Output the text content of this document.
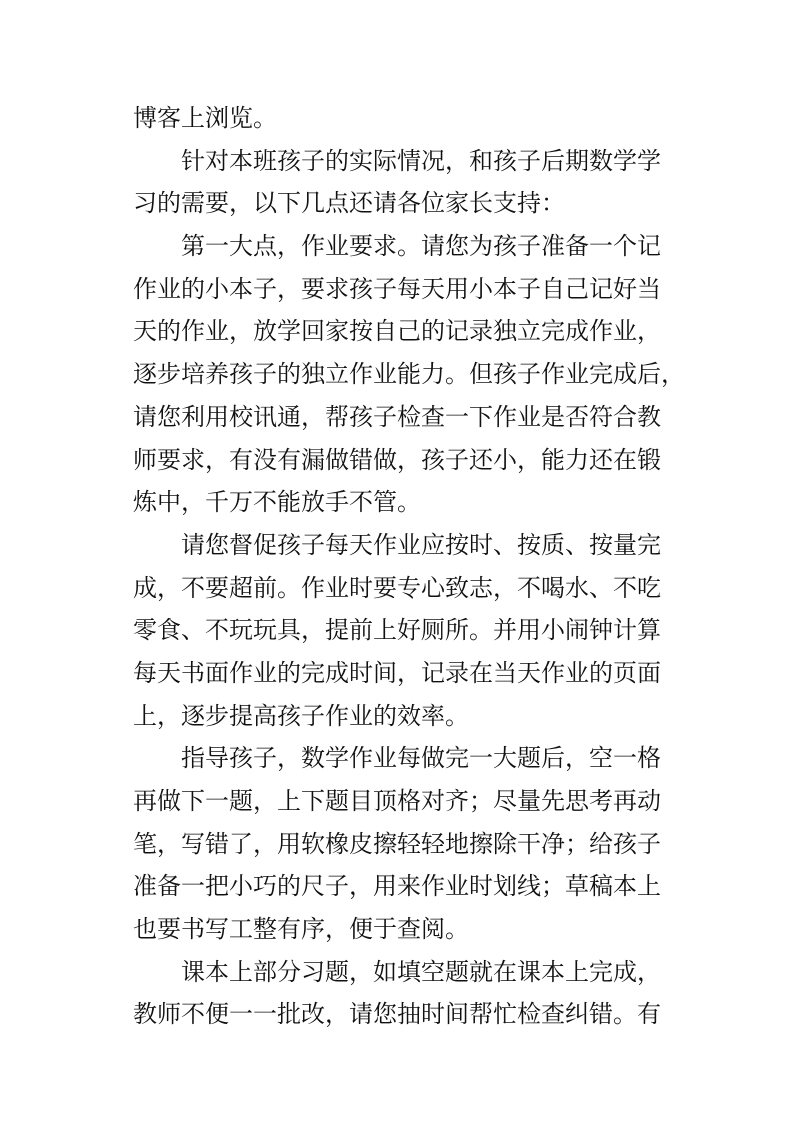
博客上浏览。
针对本班孩子的实际情况，和孩子后期数学学
习的需要，以下几点还请各位家长支持：
第一大点，作业要求。请您为孩子准备一个记
作业的小本子，要求孩子每天用小本子自己记好当
天的作业，放学回家按自己的记录独立完成作业，
逐步培养孩子的独立作业能力。但孩子作业完成后，
请您利用校讯通，帮孩子检查一下作业是否符合教
师要求，有没有漏做错做，孩子还小，能力还在锻
炼中，千万不能放手不管。
请您督促孩子每天作业应按时、按质、按量完
成，不要超前。作业时要专心致志，不喝水、不吃
零食、不玩玩具，提前上好厕所。并用小闹钟计算
每天书面作业的完成时间，记录在当天作业的页面
上，逐步提高孩子作业的效率。
指导孩子，数学作业每做完一大题后，空一格
再做下一题，上下题目顶格对齐；尽量先思考再动
笔，写错了，用软橡皮擦轻轻地擦除干净；给孩子
准备一把小巧的尺子，用来作业时划线；草稿本上
也要书写工整有序，便于查阅。
课本上部分习题，如填空题就在课本上完成，
教师不便一一批改，请您抽时间帮忙检查纠错。有
